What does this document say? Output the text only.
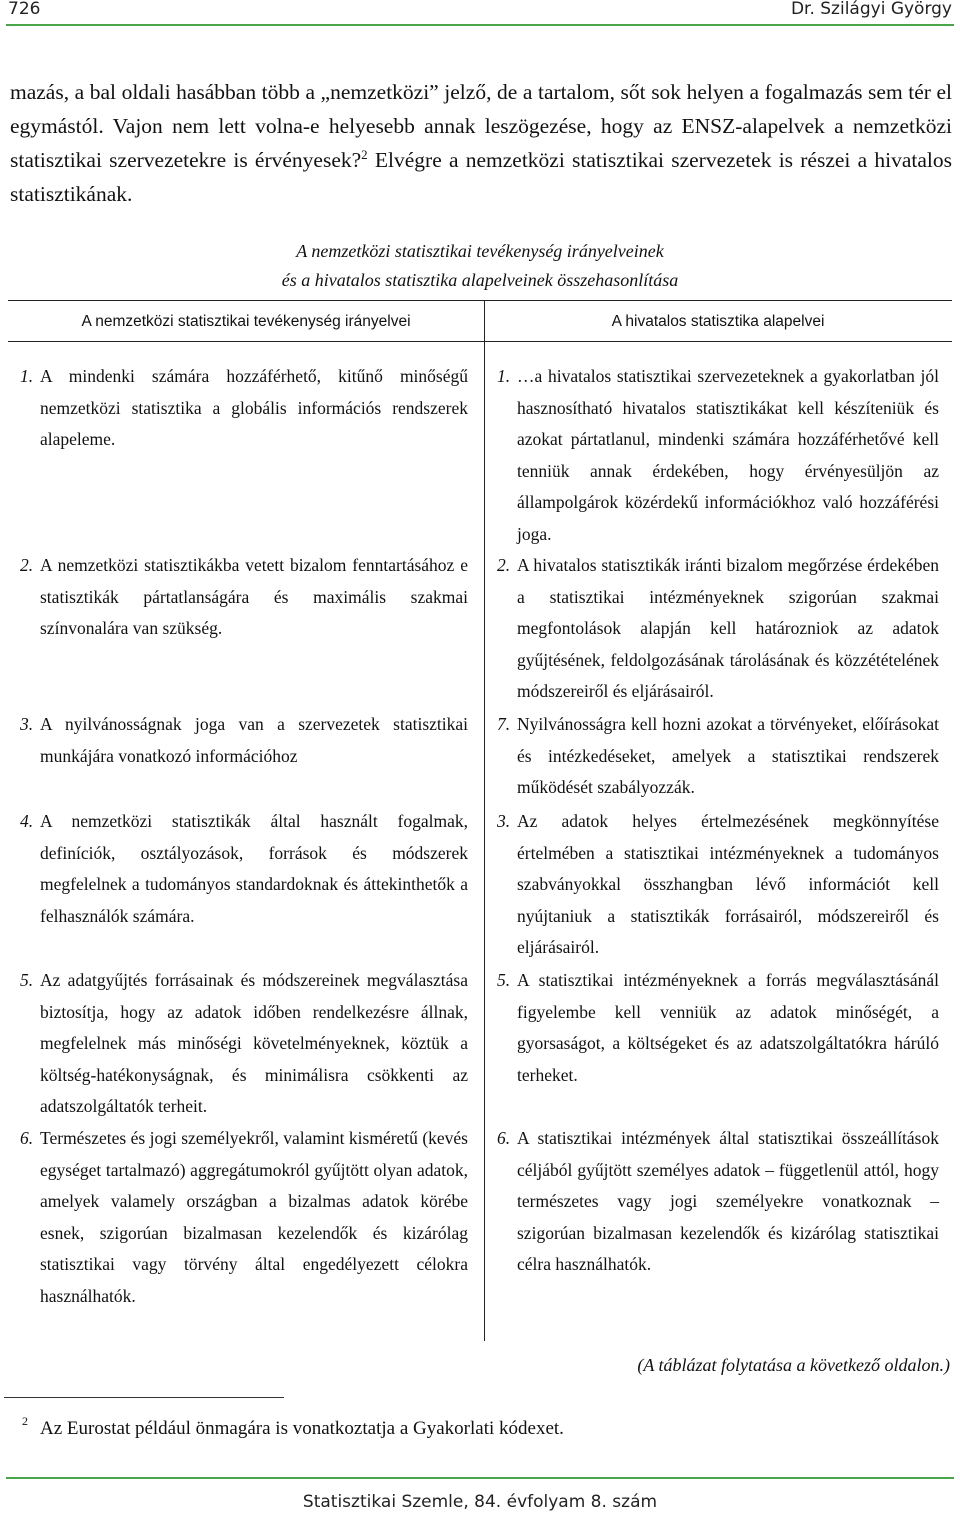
726	Dr. Szilágyi György

mazás, a bal oldali hasábban több a „nemzetközi” jelző, de a tartalom, sőt sok helyen a fogalmazás sem tér el egymástól. Vajon nem lett volna-e helyesebb annak leszögezése, hogy az ENSZ-alapelvek a nemzetközi statisztikai szervezetekre is érvényesek?$^2$ Elvégre a nemzetközi statisztikai szervezetek is részei a hivatalos statisztikának.

A nemzetközi statisztikai tevékenység irányelveinek
és a hivatalos statisztika alapelveinek összehasonlítása
A nemzetközi statisztikai tevékenység irányelvei	A hivatalos statisztika alapelvei
1. A mindenki számára hozzáférhető, kitűnő minőségű nemzetközi statisztika a globális információs rendszerek alapeleme.
2. A nemzetközi statisztikákba vetett bizalom fenntartásához e statisztikák pártatlanságára és maximális szakmai színvonalára van szükség.
3. A nyilvánosságnak joga van a szervezetek statisztikai munkájára vonatkozó információhoz
4. A nemzetközi statisztikák által használt fogalmak, definíciók, osztályozások, források és módszerek megfelelnek a tudományos standardoknak és áttekinthetők a felhasználók számára.
5. Az adatgyűjtés forrásainak és módszereinek megválasztása biztosítja, hogy az adatok időben rendelkezésre állnak, megfelelnek más minőségi követelményeknek, köztük a költség-hatékonyságnak, és minimálisra csökkenti az adatszolgáltatók terheit.
6. Természetes és jogi személyekről, valamint kisméretű (kevés egységet tartalmazó) aggregátumokról gyűjtött olyan adatok, amelyek valamely országban a bizalmas adatok körébe esnek, szigorúan bizalmasan kezelendők és kizárólag statisztikai vagy törvény által engedélyezett célokra használhatók.
1. …a hivatalos statisztikai szervezeteknek a gyakorlatban jól hasznosítható hivatalos statisztikákat kell készíteniük és azokat pártatlanul, mindenki számára hozzáférhetővé kell tenniük annak érdekében, hogy érvényesüljön az állampolgárok közérdekű információkhoz való hozzáférési joga.
2. A hivatalos statisztikák iránti bizalom megőrzése érdekében a statisztikai intézményeknek szigorúan szakmai megfontolások alapján kell határozniok az adatok gyűjtésének, feldolgozásának tárolásának és közzétételének módszereiről és eljárásairól.
7. Nyilvánosságra kell hozni azokat a törvényeket, előírásokat és intézkedéseket, amelyek a statisztikai rendszerek működését szabályozzák.
3. Az adatok helyes értelmezésének megkönnyítése értelmében a statisztikai intézményeknek a tudományos szabványokkal összhangban lévő információt kell nyújtaniuk a statisztikák forrásairól, módszereiről és eljárásairól.
5. A statisztikai intézményeknek a forrás megválasztásánál figyelembe kell venniük az adatok minőségét, a gyorsaságot, a költségeket és az adatszolgáltatókra hárúló terheket.
6. A statisztikai intézmények által statisztikai összeállítások céljából gyűjtött személyes adatok – függetlenül attól, hogy természetes vagy jogi személyekre vonatkoznak – szigorúan bizalmasan kezelendők és kizárólag statisztikai célra használhatók.
(A táblázat folytatása a következő oldalon.)
2 Az Eurostat például önmagára is vonatkoztatja a Gyakorlati kódexet.
Statisztikai Szemle, 84. évfolyam 8. szám
